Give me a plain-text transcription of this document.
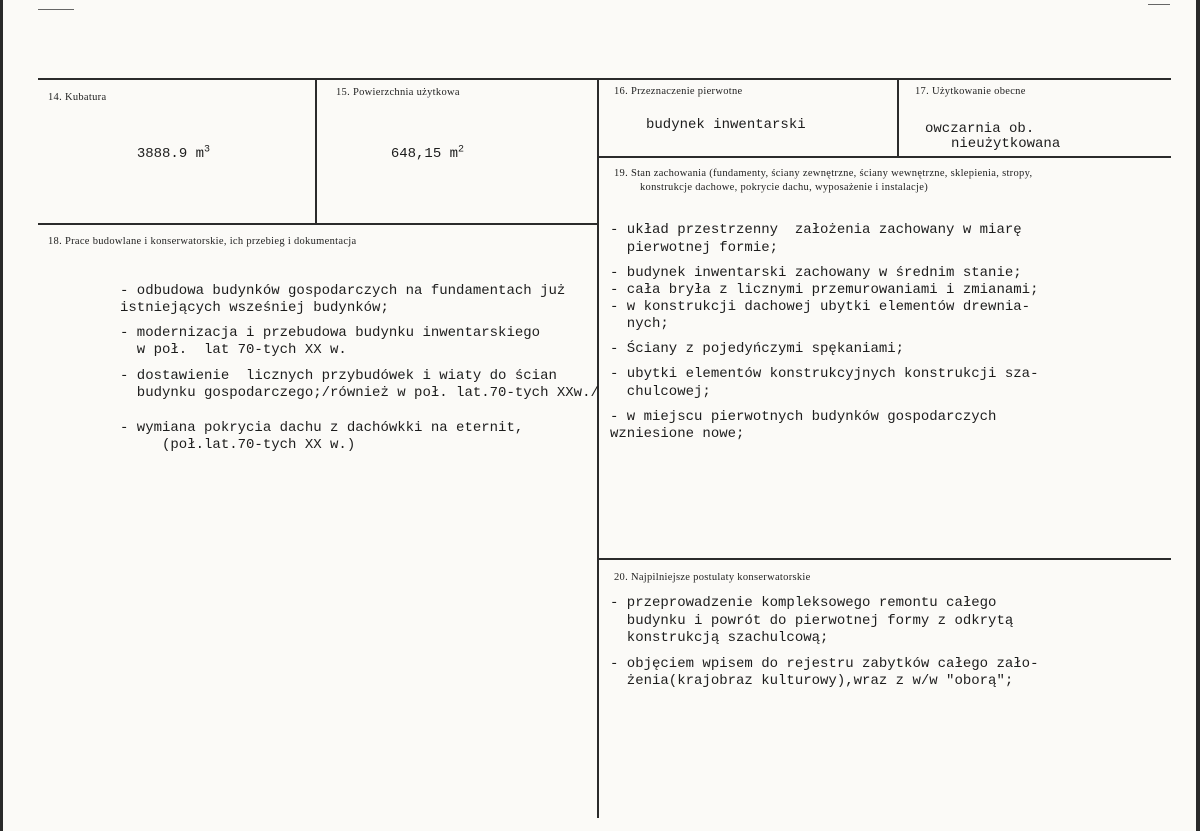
14. Kubatura

3888.9 $m^3$

15. Powierzchnia użytkowa

648,15 $m^2$

16. Przeznaczenie pierwotne
budynek inwentarski
17. Użytkowanie obecne
owczarnia ob.
nieużytkowana
19. Stan zachowania (fundamenty, ściany zewnętrzne, ściany wewnętrzne, sklepienia, stropy,
konstrukcje dachowe, pokrycie dachu, wyposażenie i instalacje)
- układ przestrzenny  założenia zachowany w miarę
pierwotnej formie;
- budynek inwentarski zachowany w średnim stanie;
- cała bryła z licznymi przemurowaniami i zmianami;
- w konstrukcji dachowej ubytki elementów drewnia-
nych;
- Ściany z pojedyńczymi spękaniami;
- ubytki elementów konstrukcyjnych konstrukcji sza-
chulcowej;
- w miejscu pierwotnych budynków gospodarczych
wzniesione nowe;
18. Prace budowlane i konserwatorskie, ich przebieg i dokumentacja
- odbudowa budynków gospodarczych na fundamentach już
istniejących wsześniej budynków;
- modernizacja i przebudowa budynku inwentarskiego
w poł.  lat 70-tych XX w.
- dostawienie  licznych przybudówek i wiaty do ścian
budynku gospodarczego;/również w poł. lat.70-tych XXw./
- wymiana pokrycia dachu z dachówkki na eternit,
(poł.lat.70-tych XX w.)
20. Najpilniejsze postulaty konserwatorskie
- przeprowadzenie kompleksowego remontu całego
budynku i powrót do pierwotnej formy z odkrytą
konstrukcją szachulcową;
- objęciem wpisem do rejestru zabytków całego zało-
żenia(krajobraz kulturowy),wraz z w/w "oborą";
